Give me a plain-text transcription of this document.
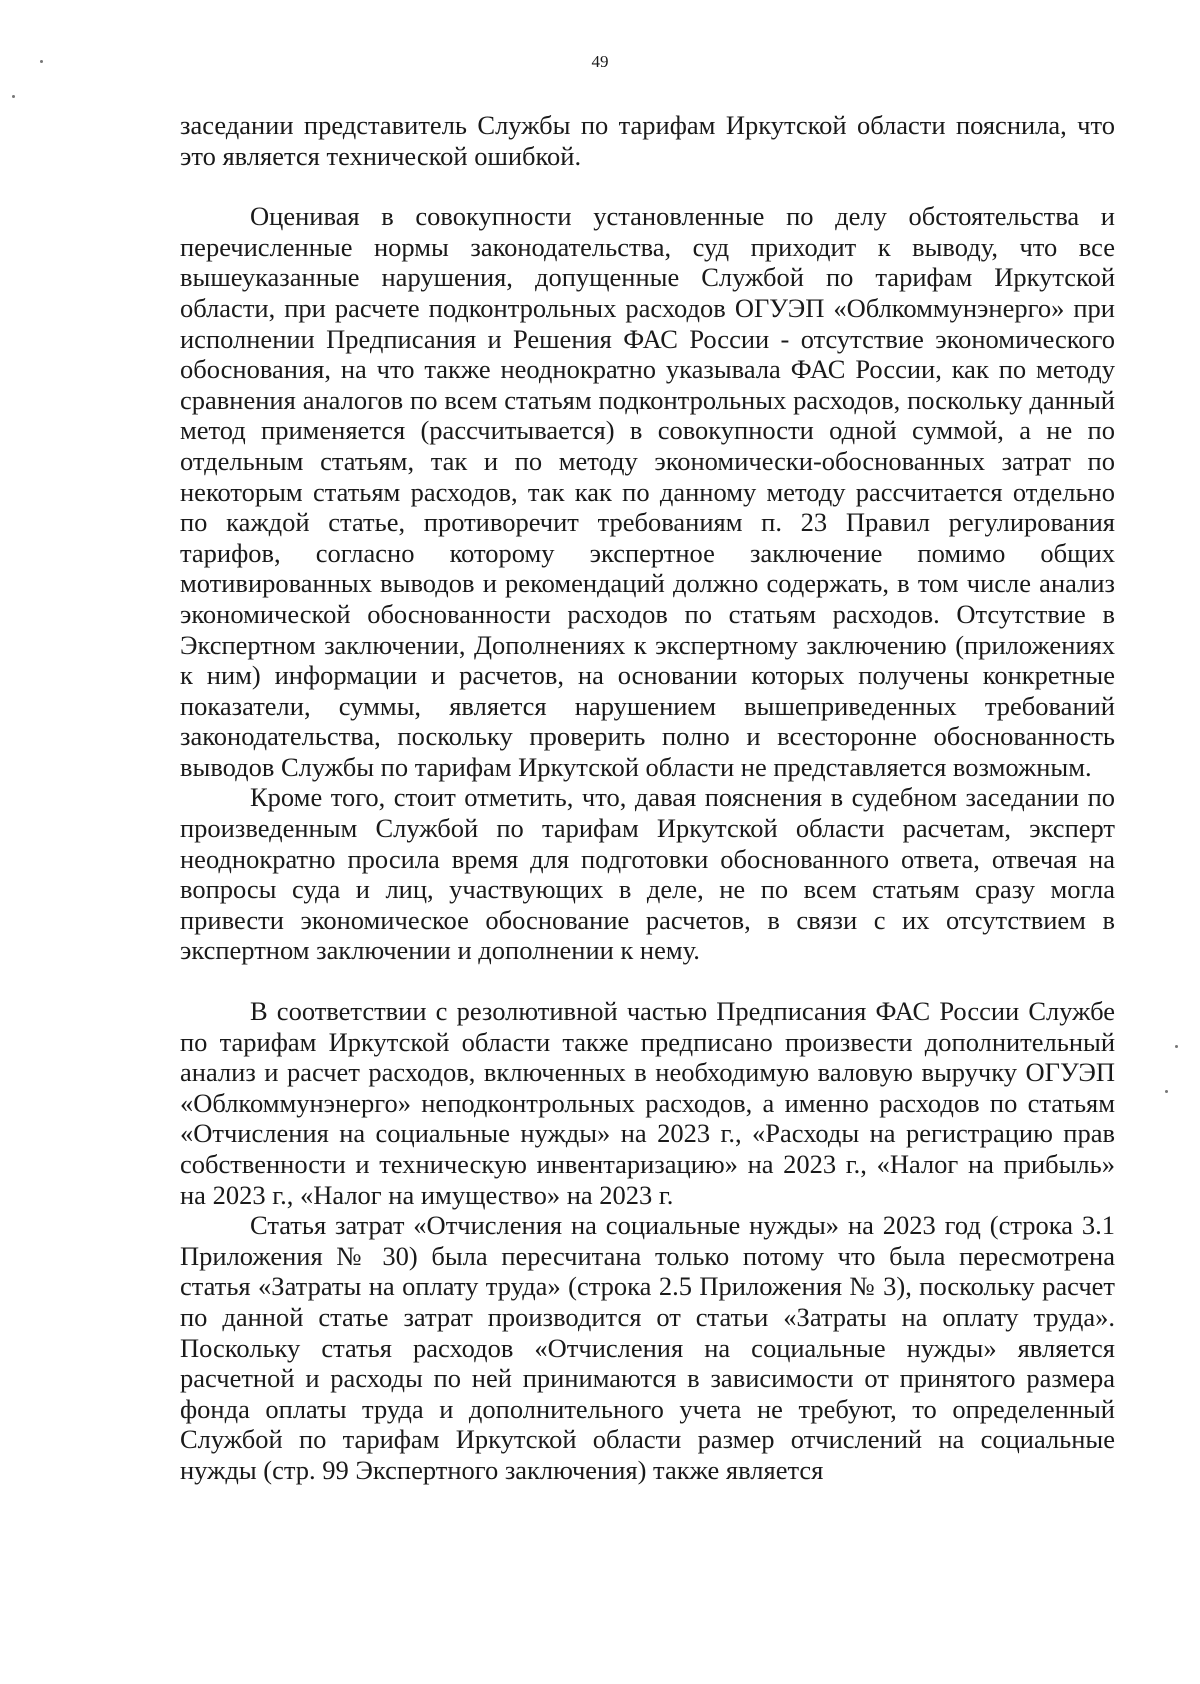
49

заседании представитель Службы по тарифам Иркутской области пояснила, что это является технической ошибкой.

Оценивая в совокупности установленные по делу обстоятельства и перечисленные нормы законодательства, суд приходит к выводу, что все вышеуказанные нарушения, допущенные Службой по тарифам Иркутской области, при расчете подконтрольных расходов ОГУЭП «Облкоммунэнерго» при исполнении Предписания и Решения ФАС России - отсутствие экономического обоснования, на что также неоднократно указывала ФАС России, как по методу сравнения аналогов по всем статьям подконтрольных расходов, поскольку данный метод применяется (рассчитывается) в совокупности одной суммой, а не по отдельным статьям, так и по методу экономически-обоснованных затрат по некоторым статьям расходов, так как по данному методу рассчитается отдельно по каждой статье, противоречит требованиям п. 23 Правил регулирования тарифов, согласно которому экспертное заключение помимо общих мотивированных выводов и рекомендаций должно содержать, в том числе анализ экономической обоснованности расходов по статьям расходов. Отсутствие в Экспертном заключении, Дополнениях к экспертному заключению (приложениях к ним) информации и расчетов, на основании которых получены конкретные показатели, суммы, является нарушением вышеприведенных требований законодательства, поскольку проверить полно и всесторонне обоснованность выводов Службы по тарифам Иркутской области не представляется возможным.

Кроме того, стоит отметить, что, давая пояснения в судебном заседании по произведенным Службой по тарифам Иркутской области расчетам, эксперт неоднократно просила время для подготовки обоснованного ответа, отвечая на вопросы суда и лиц, участвующих в деле, не по всем статьям сразу могла привести экономическое обоснование расчетов, в связи с их отсутствием в экспертном заключении и дополнении к нему.

В соответствии с резолютивной частью Предписания ФАС России Службе по тарифам Иркутской области также предписано произвести дополнительный анализ и расчет расходов, включенных в необходимую валовую выручку ОГУЭП «Облкоммунэнерго» неподконтрольных расходов, а именно расходов по статьям «Отчисления на социальные нужды» на 2023 г., «Расходы на регистрацию прав собственности и техническую инвентаризацию» на 2023 г., «Налог на прибыль» на 2023 г., «Налог на имущество» на 2023 г.

Статья затрат «Отчисления на социальные нужды» на 2023 год (строка 3.1 Приложения № 30) была пересчитана только потому что была пересмотрена статья «Затраты на оплату труда» (строка 2.5 Приложения № 3), поскольку расчет по данной статье затрат производится от статьи «Затраты на оплату труда». Поскольку статья расходов «Отчисления на социальные нужды» является расчетной и расходы по ней принимаются в зависимости от принятого размера фонда оплаты труда и дополнительного учета не требуют, то определенный Службой по тарифам Иркутской области размер отчислений на социальные нужды (стр. 99 Экспертного заключения) также является
